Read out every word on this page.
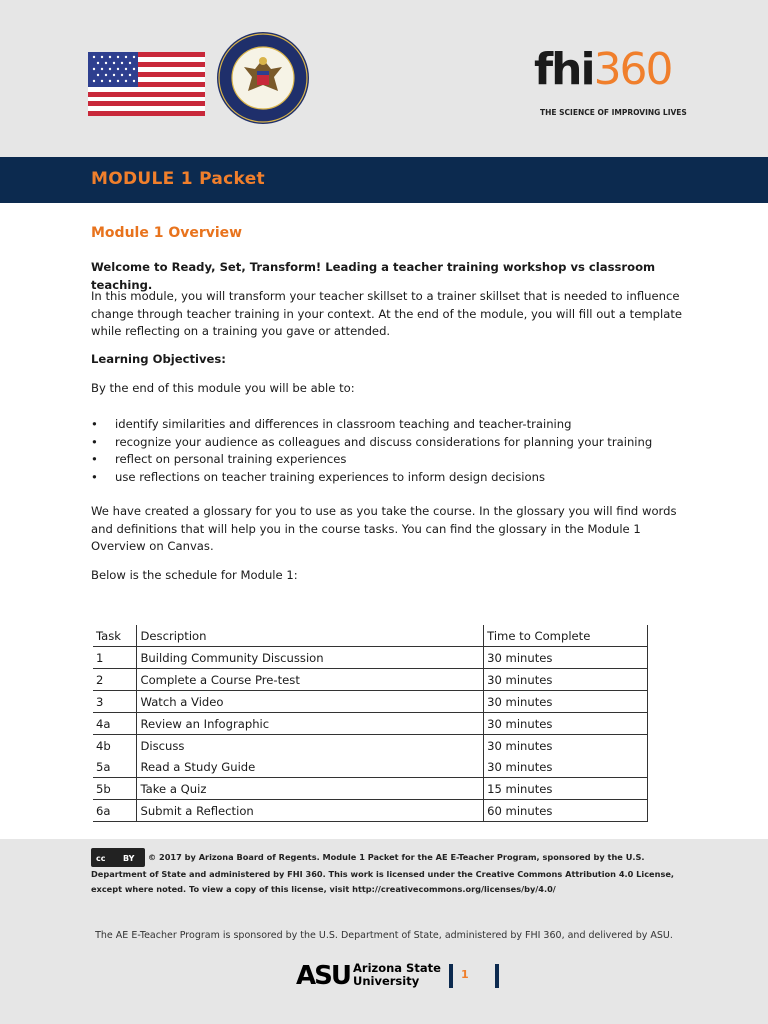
fhi360
THE SCIENCE OF IMPROVING LIVES
MODULE 1 Packet
Module 1 Overview
Welcome to Ready, Set, Transform! Leading a teacher training workshop vs classroom teaching.
In this module, you will transform your teacher skillset to a trainer skillset that is needed to influence change through teacher training in your context. At the end of the module, you will fill out a template while reflecting on a training you gave or attended.
Learning Objectives:
By the end of this module you will be able to:
• identify similarities and differences in classroom teaching and teacher-training
• recognize your audience as colleagues and discuss considerations for planning your training
• reflect on personal training experiences
• use reflections on teacher training experiences to inform design decisions
We have created a glossary for you to use as you take the course. In the glossary you will find words and definitions that will help you in the course tasks. You can find the glossary in the Module 1 Overview on Canvas.
Below is the schedule for Module 1:
Task	Description	Time to Complete
1	Building Community Discussion	30 minutes
2	Complete a Course Pre-test	30 minutes
3	Watch a Video	30 minutes
4a	Review an Infographic	30 minutes
4b	Discuss	30 minutes
5a	Read a Study Guide	30 minutes
5b	Take a Quiz	15 minutes
6a	Submit a Reflection	60 minutes
cc BY © 2017 by Arizona Board of Regents. Module 1 Packet for the AE E-Teacher Program, sponsored by the U.S. Department of State and administered by FHI 360. This work is licensed under the Creative Commons Attribution 4.0 License, except where noted. To view a copy of this license, visit http://creativecommons.org/licenses/by/4.0/
The AE E-Teacher Program is sponsored by the U.S. Department of State, administered by FHI 360, and delivered by ASU.
ASU Arizona State
University	1
